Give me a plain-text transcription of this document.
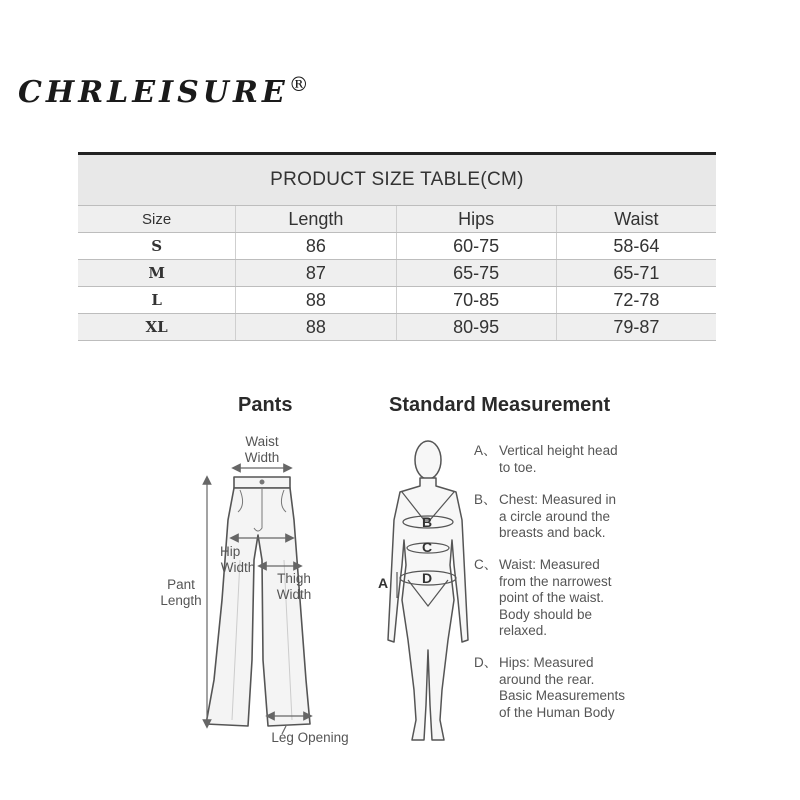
CHRLEISURE®
PRODUCT SIZE TABLE(CM)
Size	Length	Hips	Waist
S	86	60-75	58-64
M	87	65-75	65-71
L	88	70-85	72-78
XL	88	80-95	79-87
Pants	Standard Measurement
A
B
C
D
Waist
Width
Hip
Width
Thigh
Width
Pant
Length
Leg Opening
A、 Vertical height head
to toe.
B、 Chest: Measured in
a circle around the
breasts and back.
C、 Waist: Measured
from the narrowest
point of the waist.
Body should be
relaxed.
D、 Hips: Measured
around the rear.
Basic Measurements
of the Human Body
